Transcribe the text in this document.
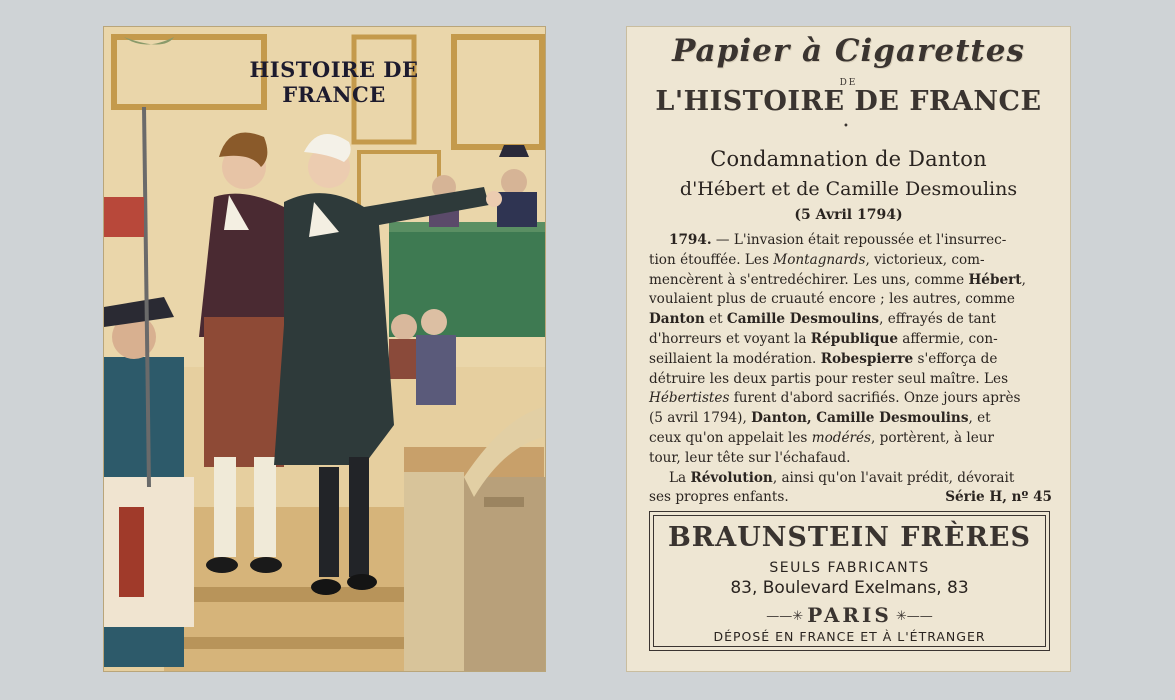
HISTOIRE DE FRANCE
Papier à Cigarettes
DE
L'HISTOIRE DE FRANCE
•
Condamnation de Danton
d'Hébert et de Camille Desmoulins
(5 Avril 1794)
1794. — L'invasion était repoussée et l'insurrec-
tion étouffée. Les Montagnards, victorieux, com-
mencèrent à s'entredéchirer. Les uns, comme Hébert,
voulaient plus de cruauté encore ; les autres, comme
Danton et Camille Desmoulins, effrayés de tant
d'horreurs et voyant la République affermie, con-
seillaient la modération. Robespierre s'efforça de
détruire les deux partis pour rester seul maître. Les
Hébertistes furent d'abord sacrifiés. Onze jours après
(5 avril 1794), Danton, Camille Desmoulins, et
ceux qu'on appelait les modérés, portèrent, à leur
tour, leur tête sur l'échafaud.
La Révolution, ainsi qu'on l'avait prédit, dévorait
ses propres enfants.	Série H, nº 45
BRAUNSTEIN FRÈRES
SEULS FABRICANTS
83, Boulevard Exelmans, 83
——✳ PARIS ✳——
DÉPOSÉ EN FRANCE ET À L'ÉTRANGER
